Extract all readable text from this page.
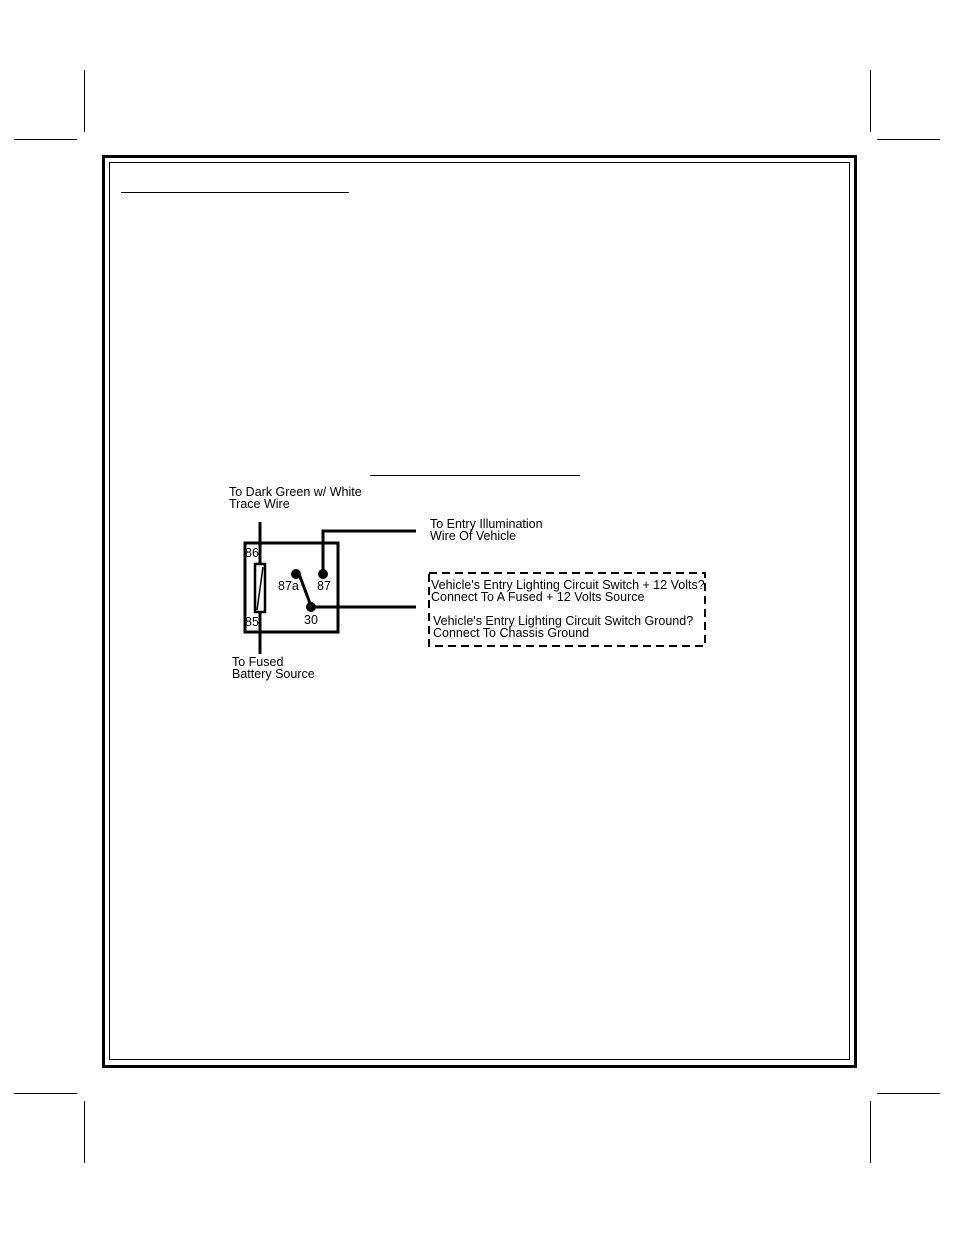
86
85
87a 87
30
To Dark Green w/ White
Trace Wire
To Entry Illumination
Wire Of Vehicle
To Fused
Battery Source
Vehicle's Entry Lighting Circuit Switch + 12 Volts?
Connect To A Fused + 12 Volts Source
Vehicle's Entry Lighting Circuit Switch Ground?
Connect To Chassis Ground
